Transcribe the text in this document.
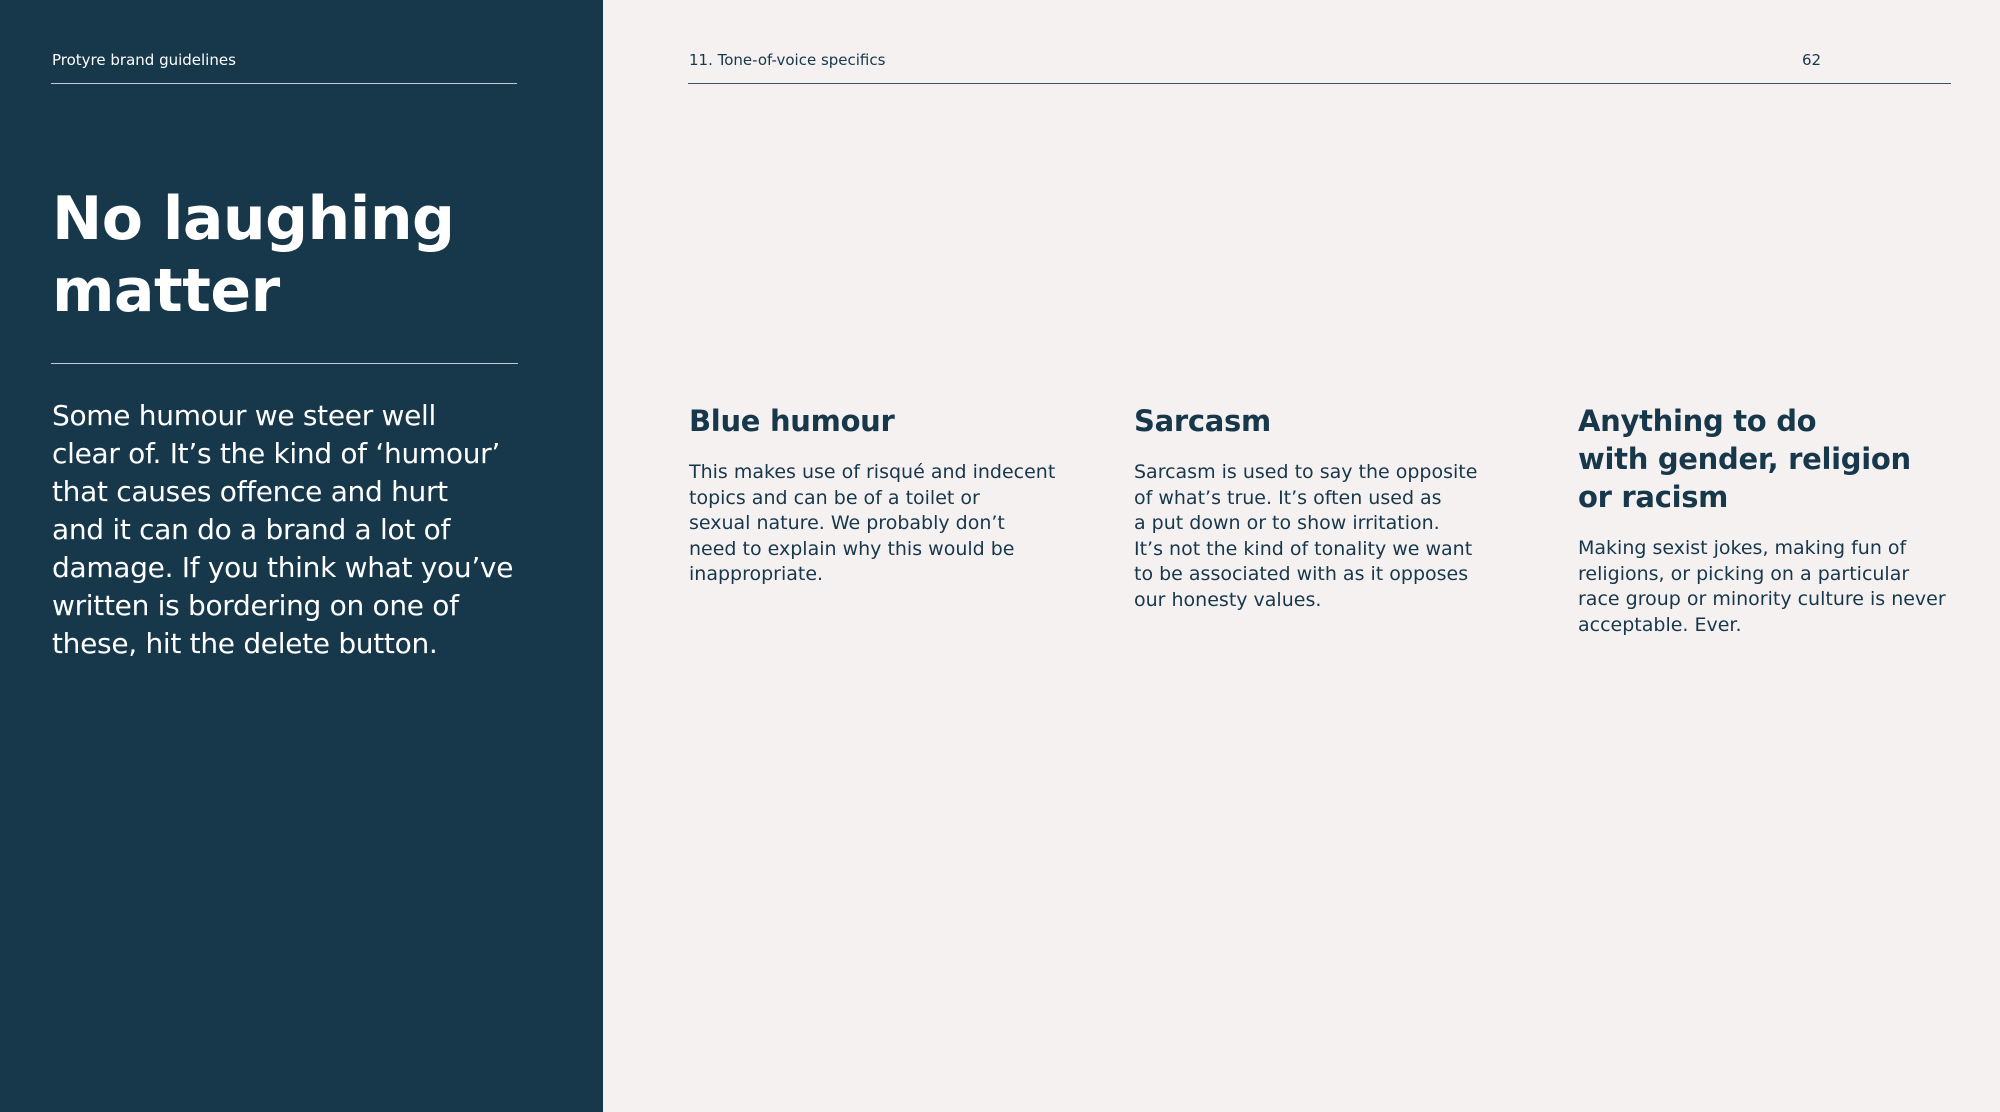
Protyre brand guidelines
No laughing
matter

Some humour we steer well
clear of. It’s the kind of ‘humour’
that causes offence and hurt
and it can do a brand a lot of
damage. If you think what you’ve
written is bordering on one of
these, hit the delete button.

11. Tone-of-voice specifics	62
Blue humour

This makes use of risqué and indecent
topics and can be of a toilet or
sexual nature. We probably don’t
need to explain why this would be
inappropriate.

Sarcasm

Sarcasm is used to say the opposite
of what’s true. It’s often used as
a put down or to show irritation.
It’s not the kind of tonality we want
to be associated with as it opposes
our honesty values.

Anything to do
with gender, religion
or racism

Making sexist jokes, making fun of
religions, or picking on a particular
race group or minority culture is never
acceptable. Ever.
